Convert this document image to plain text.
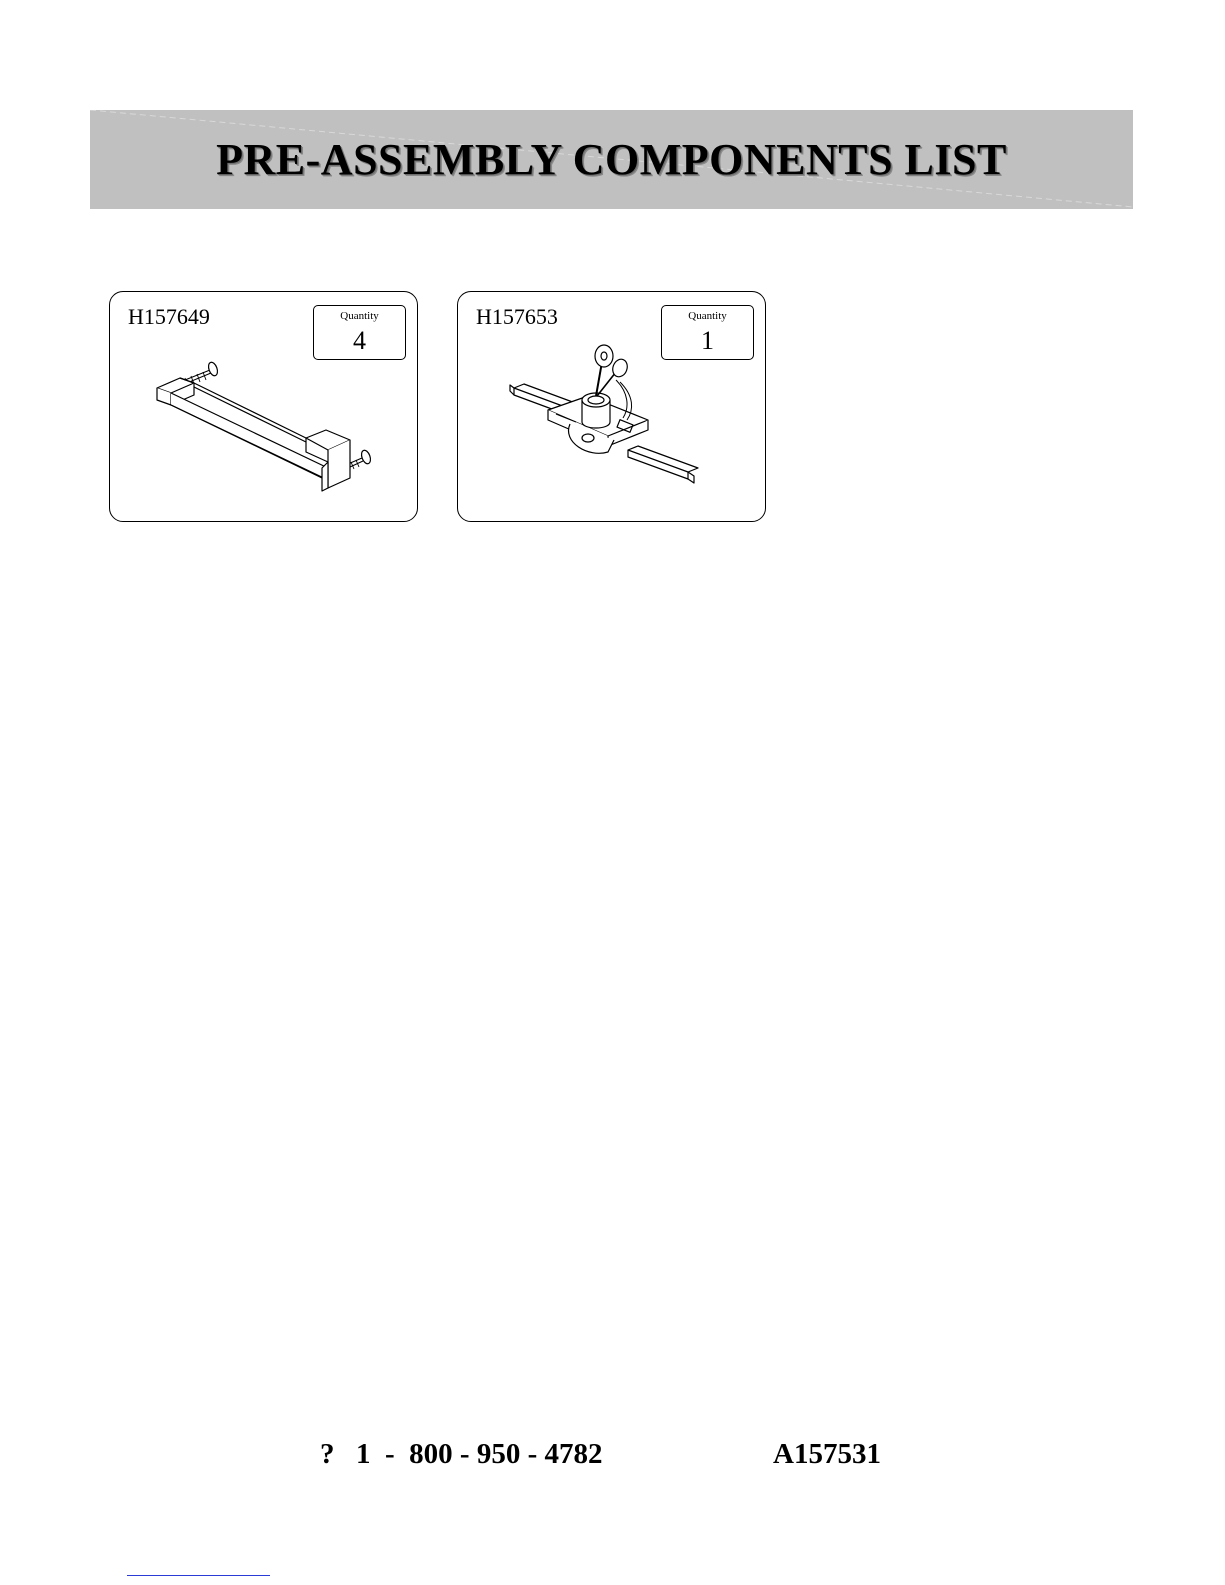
PRE-ASSEMBLY COMPONENTS LIST
H157649	Quantity
4
H157653	Quantity
1
? 1  -  800 - 950 - 4782	A157531
